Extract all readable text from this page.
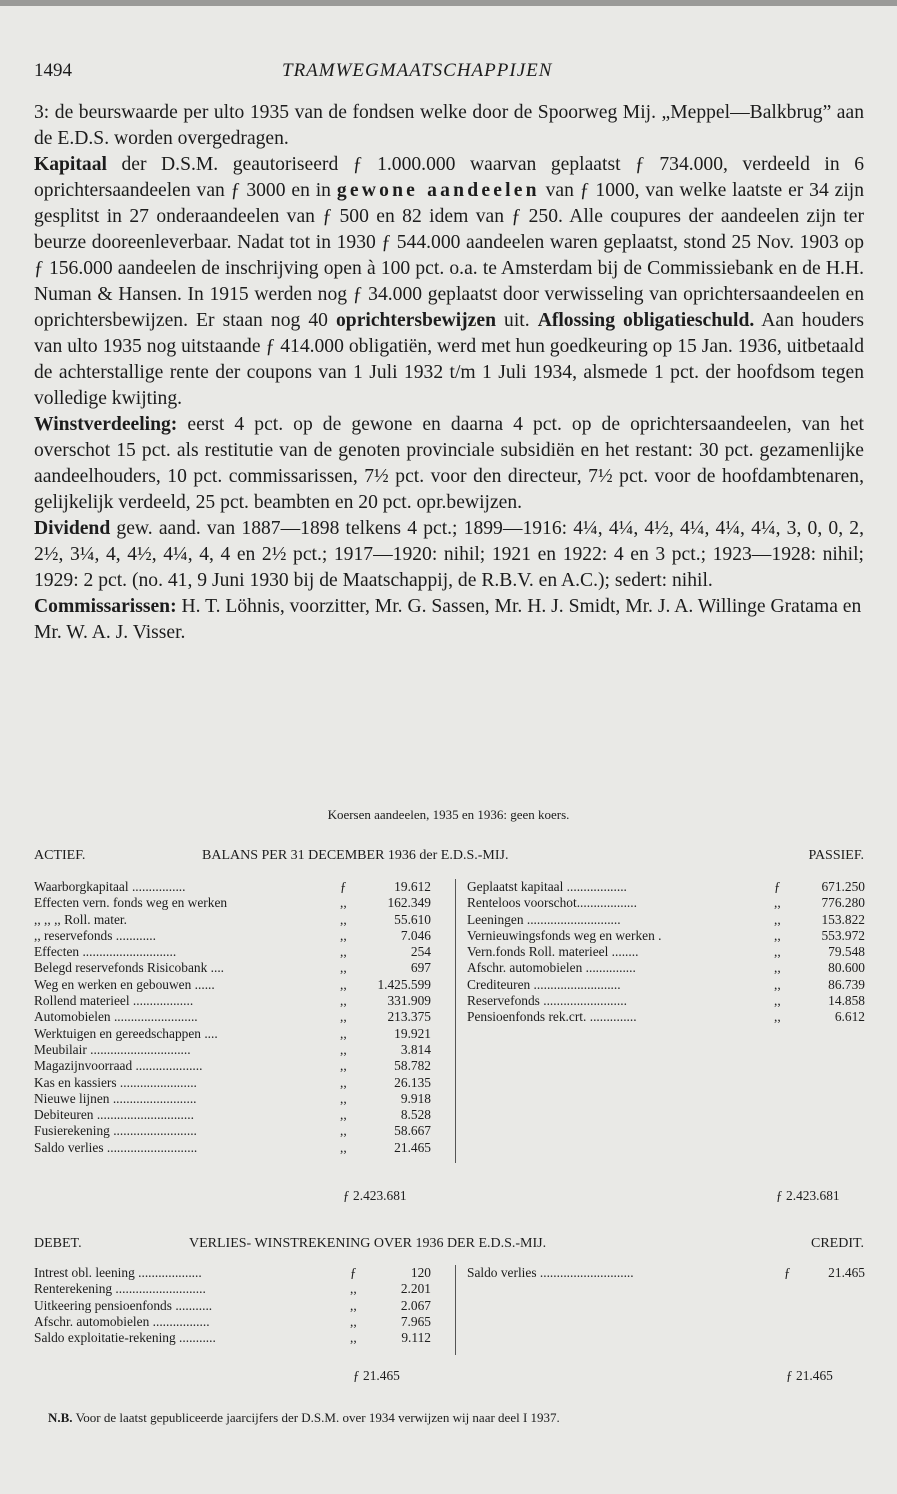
1494	TRAMWEGMAATSCHAPPIJEN

3: de beurswaarde per ulto 1935 van de fondsen welke door de Spoorweg Mij. „Meppel—Balkbrug” aan de E.D.S. worden overgedragen.

Kapitaal der D.S.M. geautoriseerd ƒ 1.000.000 waarvan geplaatst ƒ 734.000, verdeeld in 6 oprichtersaandeelen van ƒ 3000 en in gewone aandeelen van ƒ 1000, van welke laatste er 34 zijn gesplitst in 27 onderaandeelen van ƒ 500 en 82 idem van ƒ 250. Alle coupures der aandeelen zijn ter beurze dooreenleverbaar. Nadat tot in 1930 ƒ 544.000 aandeelen waren geplaatst, stond 25 Nov. 1903 op ƒ 156.000 aandeelen de inschrijving open à 100 pct. o.a. te Amsterdam bij de Commissiebank en de H.H. Numan & Hansen. In 1915 werden nog ƒ 34.000 geplaatst door verwisseling van oprichtersaandeelen en oprichtersbewijzen. Er staan nog 40 oprichtersbewijzen uit. Aflossing obligatieschuld. Aan houders van ulto 1935 nog uitstaande ƒ 414.000 obligatiën, werd met hun goedkeuring op 15 Jan. 1936, uitbetaald de achterstallige rente der coupons van 1 Juli 1932 t/m 1 Juli 1934, alsmede 1 pct. der hoofdsom tegen volledige kwijting.

Winstverdeeling: eerst 4 pct. op de gewone en daarna 4 pct. op de oprichtersaandeelen, van het overschot 15 pct. als restitutie van de genoten provinciale subsidiën en het restant: 30 pct. gezamenlijke aandeelhouders, 10 pct. commissarissen, 7½ pct. voor den directeur, 7½ pct. voor de hoofdambtenaren, gelijkelijk verdeeld, 25 pct. beambten en 20 pct. opr.bewijzen.

Dividend gew. aand. van 1887—1898 telkens 4 pct.; 1899—1916: 4¼, 4¼, 4½, 4¼, 4¼, 4¼, 3, 0, 0, 2, 2½, 3¼, 4, 4½, 4¼, 4, 4 en 2½ pct.; 1917—1920: nihil; 1921 en 1922: 4 en 3 pct.; 1923—1928: nihil; 1929: 2 pct. (no. 41, 9 Juni 1930 bij de Maatschappij, de R.B.V. en A.C.); sedert: nihil.

Commissarissen: H. T. Löhnis, voorzitter, Mr. G. Sassen, Mr. H. J. Smidt, Mr. J. A. Willinge Gratama en Mr. W. A. J. Visser.

Koersen aandeelen, 1935 en 1936: geen koers.
ACTIEF.	BALANS PER 31 DECEMBER 1936 der E.D.S.-MIJ.	PASSIEF.
Waarborgkapitaal ................	ƒ	19.612
Effecten vern. fonds weg en werken	,,	162.349
,, ,, ,, Roll. mater.	,,	55.610
,, reservefonds ............	,,	7.046
Effecten ............................	,,	254
Belegd reservefonds Risicobank ....	,,	697
Weg en werken en gebouwen ......	,, 1.425.599
Rollend materieel ..................	,,	331.909
Automobielen .........................	,,	213.375
Werktuigen en gereedschappen ....	,,	19.921
Meubilair ..............................	,,	3.814
Magazijnvoorraad ....................	,,	58.782
Kas en kassiers .......................	,,	26.135
Nieuwe lijnen .........................	,,	9.918
Debiteuren .............................	,,	8.528
Fusierekening .........................	,,	58.667
Saldo verlies ...........................	,,	21.465
Geplaatst kapitaal ..................	ƒ	671.250
Renteloos voorschot..................	,,	776.280
Leeningen ............................	,,	153.822
Vernieuwingsfonds weg en werken .	,,	553.972
Vern.fonds Roll. materieel ........	,,	79.548
Afschr. automobielen ...............	,,	80.600
Crediteuren ..........................	,,	86.739
Reservefonds .........................	,,	14.858
Pensioenfonds rek.crt. ..............	,,	6.612
ƒ 2.423.681	ƒ 2.423.681
DEBET.	VERLIES- WINSTREKENING OVER 1936 DER E.D.S.-MIJ.	CREDIT.
Intrest obl. leening ...................	ƒ	120
Renterekening ...........................	,,	2.201
Uitkeering pensioenfonds ...........	,,	2.067
Afschr. automobielen .................	,,	7.965
Saldo exploitatie-rekening ...........	,,	9.112
Saldo verlies ............................	ƒ	21.465
ƒ 21.465	ƒ 21.465
N.B. Voor de laatst gepubliceerde jaarcijfers der D.S.M. over 1934 verwijzen wij naar deel I 1937.
